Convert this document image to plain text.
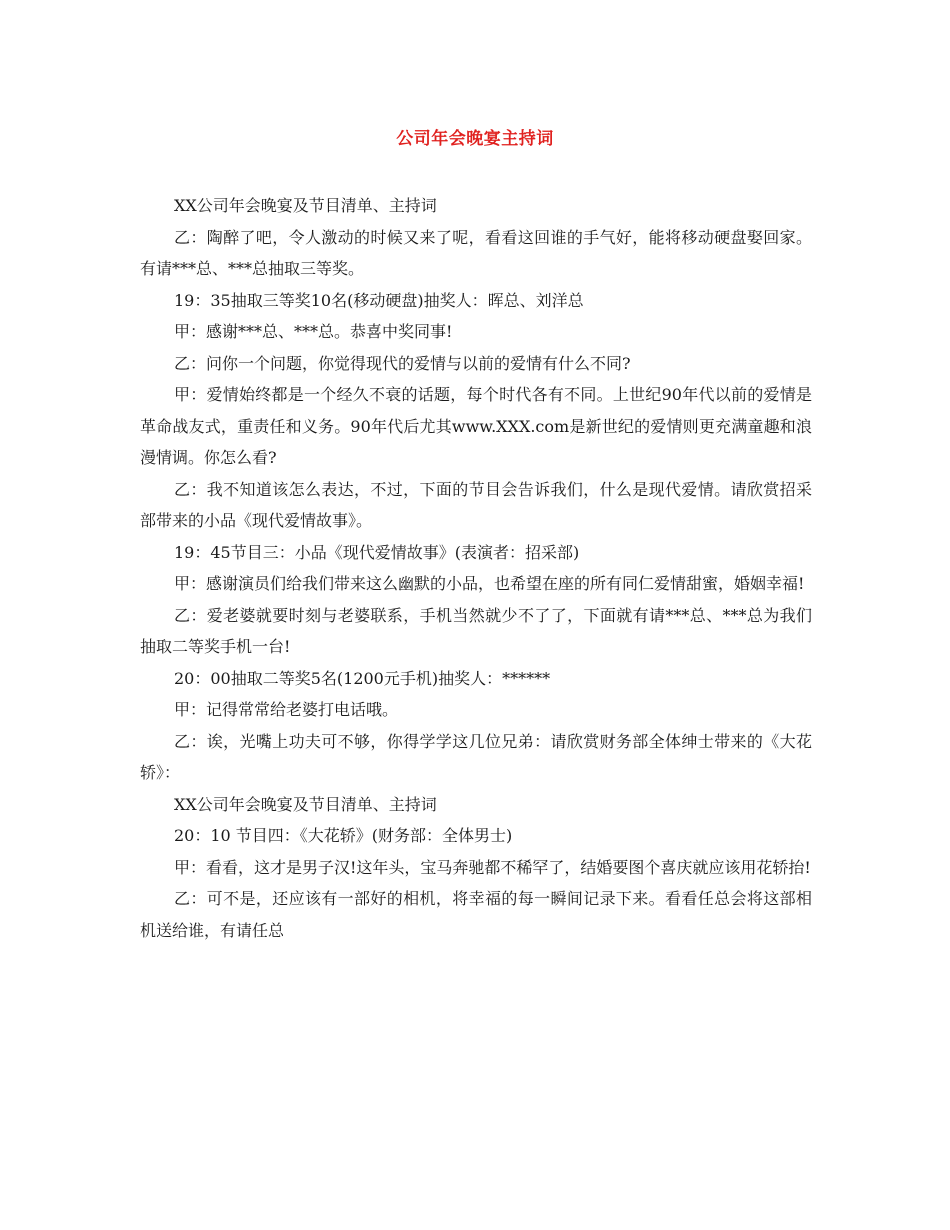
公司年会晚宴主持词

XX公司年会晚宴及节目清单、主持词

乙：陶醉了吧，令人激动的时候又来了呢，看看这回谁的手气好，能将移动硬盘娶回家。有请***总、***总抽取三等奖。

19：35抽取三等奖10名(移动硬盘)抽奖人：晖总、刘洋总

甲：感谢***总、***总。恭喜中奖同事!

乙：问你一个问题，你觉得现代的爱情与以前的爱情有什么不同?

甲：爱情始终都是一个经久不衰的话题，每个时代各有不同。上世纪90年代以前的爱情是革命战友式，重责任和义务。90年代后尤其www.XXX.com是新世纪的爱情则更充满童趣和浪漫情调。你怎么看?

乙：我不知道该怎么表达，不过，下面的节目会告诉我们，什么是现代爱情。请欣赏招采部带来的小品《现代爱情故事》。

19：45节目三：小品《现代爱情故事》(表演者：招采部)

甲：感谢演员们给我们带来这么幽默的小品，也希望在座的所有同仁爱情甜蜜，婚姻幸福!

乙：爱老婆就要时刻与老婆联系，手机当然就少不了了，下面就有请***总、***总为我们抽取二等奖手机一台!

20：00抽取二等奖5名(1200元手机)抽奖人：******

甲：记得常常给老婆打电话哦。

乙：诶，光嘴上功夫可不够，你得学学这几位兄弟：请欣赏财务部全体绅士带来的《大花轿》：

XX公司年会晚宴及节目清单、主持词

20：10 节目四：《大花轿》(财务部：全体男士)

甲：看看，这才是男子汉!这年头，宝马奔驰都不稀罕了，结婚要图个喜庆就应该用花轿抬!

乙：可不是，还应该有一部好的相机，将幸福的每一瞬间记录下来。看看任总会将这部相机送给谁，有请任总
